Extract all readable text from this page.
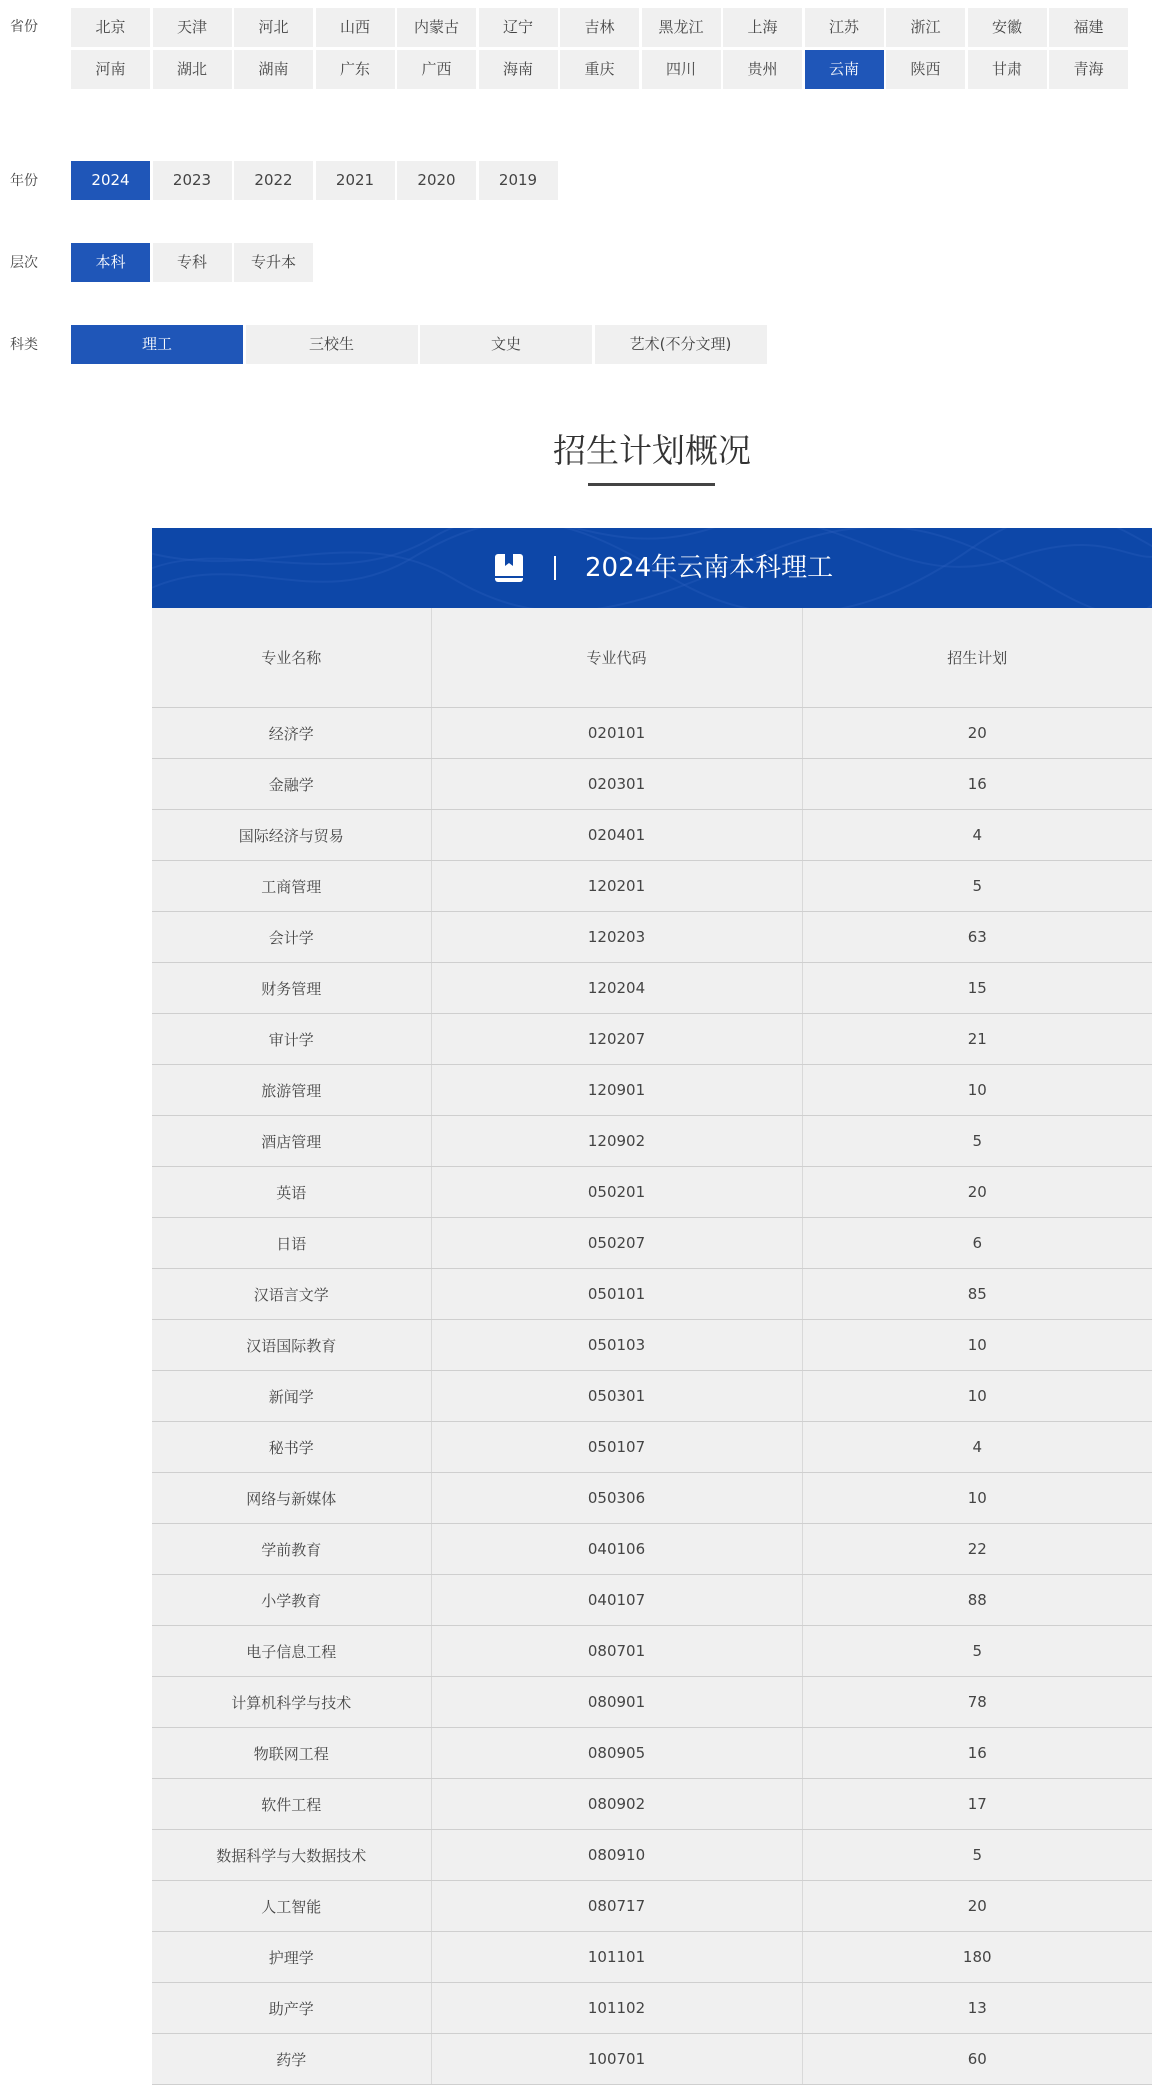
省份	北京	天津	河北	山西	内蒙古	辽宁	吉林	黑龙江	上海	江苏	浙江	安徽	福建
河南	湖北	湖南	广东	广西	海南	重庆	四川	贵州	云南	陕西	甘肃	青海
年份	2024	2023	2022	2021	2020	2019
层次	本科	专科	专升本
科类	理工	三校生	文史	艺术(不分文理)
招生计划概况
2024年云南本科理工
专业名称	专业代码	招生计划
经济学	020101	20
金融学	020301	16
国际经济与贸易	020401	4
工商管理	120201	5
会计学	120203	63
财务管理	120204	15
审计学	120207	21
旅游管理	120901	10
酒店管理	120902	5
英语	050201	20
日语	050207	6
汉语言文学	050101	85
汉语国际教育	050103	10
新闻学	050301	10
秘书学	050107	4
网络与新媒体	050306	10
学前教育	040106	22
小学教育	040107	88
电子信息工程	080701	5
计算机科学与技术	080901	78
物联网工程	080905	16
软件工程	080902	17
数据科学与大数据技术	080910	5
人工智能	080717	20
护理学	101101	180
助产学	101102	13
药学	100701	60
